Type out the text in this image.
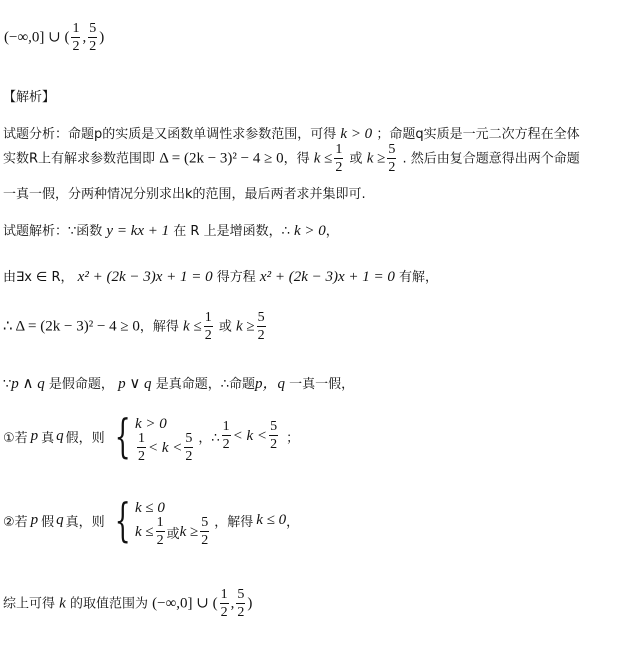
(−∞,0] ∪ ( $\frac{1}{2}$ , $\frac{5}{2}$ )
【解析】
试题分析：命题p的实质是又函数单调性求参数范围，可得 k > 0 ；命题q实质是一元二次方程在全体
实数R上有解求参数范围即 Δ = (2k − 3)² − 4 ≥ 0，得 $k \le \frac{1}{2}$ 或 $k \ge \frac{5}{2}$ . 然后由复合题意得出两个命题
一真一假，分两种情况分别求出k的范围，最后两者求并集即可.
试题解析：∵函数 y = kx + 1 在 R 上是增函数，∴ k > 0，
由∃x ∈ R， x² + (2k − 3)x + 1 = 0 得方程 x² + (2k − 3)x + 1 = 0 有解，
∴ Δ = (2k − 3)² − 4 ≥ 0，解得 $k \le \frac{1}{2}$ 或 $k \ge \frac{5}{2}$
∵p ∧ q 是假命题， p ∨ q 是真命题，∴命题p，q 一真一假，
①若 p 真 q 假，则 { k > 0
$\frac{1}{2} < k < \frac{5}{2}$ ，∴ $\frac{1}{2} < k < \frac{5}{2}$ ；
②若 p 假 q 真，则 { k ≤ 0
$k \le \frac{1}{2}$ 或 $k \ge \frac{5}{2}$ ，解得 k ≤ 0 ，
综上可得 k 的取值范围为 (−∞,0] ∪ ( $\frac{1}{2}$ , $\frac{5}{2}$ )
